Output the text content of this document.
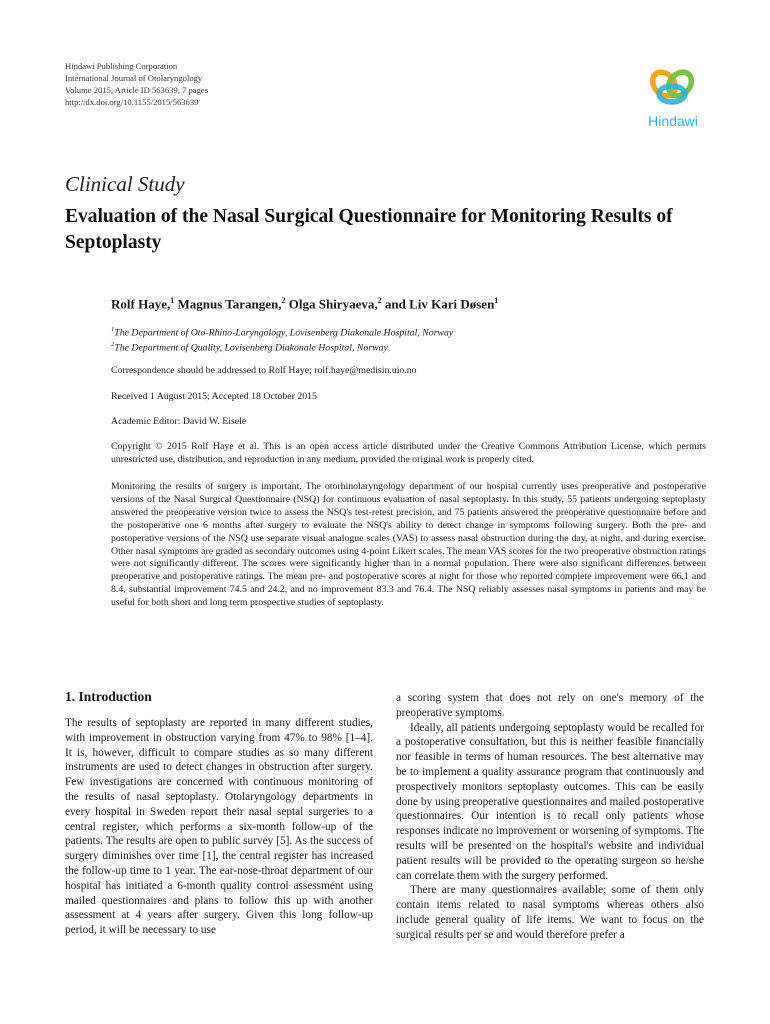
Hindawi Publishing Corporation
International Journal of Otolaryngology
Volume 2015, Article ID 563639, 7 pages
http://dx.doi.org/10.1155/2015/563639
Hindawi
Clinical Study
Evaluation of the Nasal Surgical Questionnaire for Monitoring Results of Septoplasty
Rolf Haye,$^1$ Magnus Tarangen,$^2$ Olga Shiryaeva,$^2$ and Liv Kari Døsen$^1$
$^1$The Department of Oto-Rhino-Laryngology, Lovisenberg Diakonale Hospital, Norway
$^2$The Department of Quality, Lovisenberg Diakonale Hospital, Norway
Correspondence should be addressed to Rolf Haye; rolf.haye@medisin.uio.no
Received 1 August 2015; Accepted 18 October 2015
Academic Editor: David W. Eisele
Copyright © 2015 Rolf Haye et al. This is an open access article distributed under the Creative Commons Attribution License, which permits unrestricted use, distribution, and reproduction in any medium, provided the original work is properly cited.
Monitoring the results of surgery is important. The otorhinolaryngology department of our hospital currently uses preoperative and postoperative versions of the Nasal Surgical Questionnaire (NSQ) for continuous evaluation of nasal septoplasty. In this study, 55 patients undergoing septoplasty answered the preoperative version twice to assess the NSQ's test-retest precision, and 75 patients answered the preoperative questionnaire before and the postoperative one 6 months after surgery to evaluate the NSQ's ability to detect change in symptoms following surgery. Both the pre- and postoperative versions of the NSQ use separate visual analogue scales (VAS) to assess nasal obstruction during the day, at night, and during exercise. Other nasal symptoms are graded as secondary outcomes using 4-point Likert scales. The mean VAS scores for the two preoperative obstruction ratings were not significantly different. The scores were significantly higher than in a normal population. There were also significant differences between preoperative and postoperative ratings. The mean pre- and postoperative scores at night for those who reported complete improvement were 66.1 and 8.4, substantial improvement 74.5 and 24.2, and no improvement 83.3 and 76.4. The NSQ reliably assesses nasal symptoms in patients and may be useful for both short and long term prospective studies of septoplasty.
1. Introduction

The results of septoplasty are reported in many different studies, with improvement in obstruction varying from 47% to 98% [1–4]. It is, however, difficult to compare studies as so many different instruments are used to detect changes in obstruction after surgery. Few investigations are concerned with continuous monitoring of the results of nasal septoplasty. Otolaryngology departments in every hospital in Sweden report their nasal septal surgeries to a central register, which performs a six-month follow-up of the patients. The results are open to public survey [5]. As the success of surgery diminishes over time [1], the central register has increased the follow-up time to 1 year. The ear-nose-throat department of our hospital has initiated a 6-month quality control assessment using mailed questionnaires and plans to follow this up with another assessment at 4 years after surgery. Given this long follow-up period, it will be necessary to use

a scoring system that does not rely on one's memory of the preoperative symptoms.

Ideally, all patients undergoing septoplasty would be recalled for a postoperative consultation, but this is neither feasible financially nor feasible in terms of human resources. The best alternative may be to implement a quality assurance program that continuously and prospectively monitors septoplasty outcomes. This can be easily done by using preoperative questionnaires and mailed postoperative questionnaires. Our intention is to recall only patients whose responses indicate no improvement or worsening of symptoms. The results will be presented on the hospital's website and individual patient results will be provided to the operating surgeon so he/she can correlate them with the surgery performed.

There are many questionnaires available; some of them only contain items related to nasal symptoms whereas others also include general quality of life items. We want to focus on the surgical results per se and would therefore prefer a
